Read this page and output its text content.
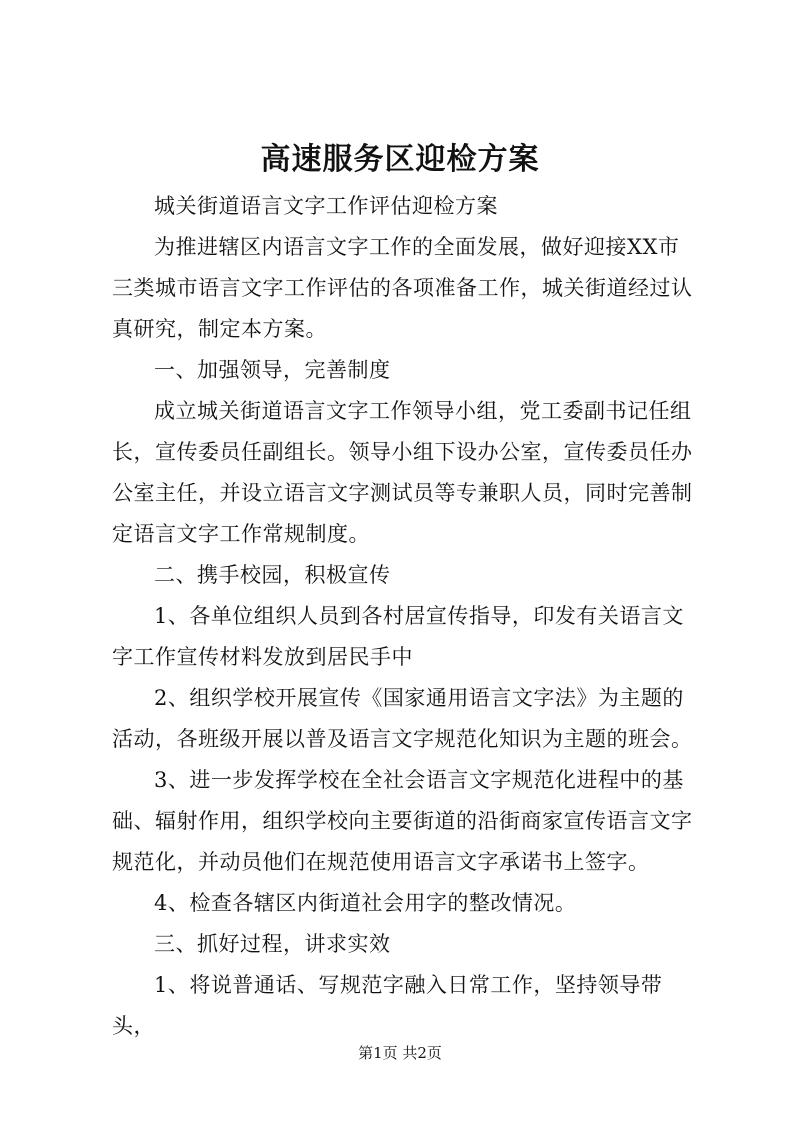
高速服务区迎检方案

城关街道语言文字工作评估迎检方案

为推进辖区内语言文字工作的全面发展，做好迎接XX市三类城市语言文字工作评估的各项准备工作，城关街道经过认真研究，制定本方案。

一、加强领导，完善制度

成立城关街道语言文字工作领导小组，党工委副书记任组长，宣传委员任副组长。领导小组下设办公室，宣传委员任办公室主任，并设立语言文字测试员等专兼职人员，同时完善制定语言文字工作常规制度。

二、携手校园，积极宣传

1、各单位组织人员到各村居宣传指导，印发有关语言文字工作宣传材料发放到居民手中

2、组织学校开展宣传《国家通用语言文字法》为主题的活动，各班级开展以普及语言文字规范化知识为主题的班会。

3、进一步发挥学校在全社会语言文字规范化进程中的基础、辐射作用，组织学校向主要街道的沿街商家宣传语言文字规范化，并动员他们在规范使用语言文字承诺书上签字。

4、检查各辖区内街道社会用字的整改情况。

三、抓好过程，讲求实效

1、将说普通话、写规范字融入日常工作，坚持领导带头，

第1页 共2页
